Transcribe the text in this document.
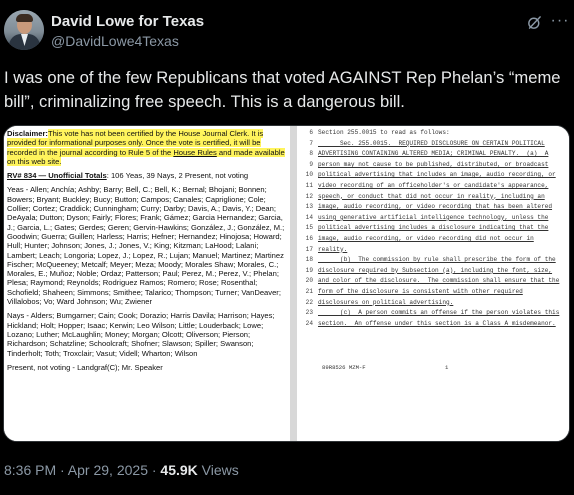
David Lowe for Texas
@DavidLowe4Texas
···
I was one of the few Republicans that voted AGAINST Rep Phelan’s “meme bill”, criminalizing free speech. This is a dangerous bill.

Disclaimer:This vote has not been certified by the House Journal Clerk. It is provided for informational purposes only. Once the vote is certified, it will be recorded in the journal according to Rule 5 of the House Rules and made available on this web site.

RV# 834 — Unofficial Totals: 106 Yeas, 39 Nays, 2 Present, not voting

Yeas - Allen; Anchía; Ashby; Barry; Bell, C.; Bell, K.; Bernal; Bhojani; Bonnen; Bowers; Bryant; Buckley; Bucy; Button; Campos; Canales; Capriglione; Cole; Collier; Cortez; Craddick; Cunningham; Curry; Darby; Davis, A.; Davis, Y.; Dean; DeAyala; Dutton; Dyson; Fairly; Flores; Frank; Gámez; Garcia Hernandez; Garcia, J.; Garcia, L.; Gates; Gerdes; Geren; Gervin-Hawkins; González, J.; González, M.; Goodwin; Guerra; Guillen; Harless; Harris; Hefner; Hernandez; Hinojosa; Howard; Hull; Hunter; Johnson; Jones, J.; Jones, V.; King; Kitzman; LaHood; Lalani; Lambert; Leach; Longoria; Lopez, J.; Lopez, R.; Lujan; Manuel; Martinez; Martinez Fischer; McQueeney; Metcalf; Meyer; Meza; Moody; Morales Shaw; Morales, C.; Morales, E.; Muñoz; Noble; Ordaz; Patterson; Paul; Perez, M.; Perez, V.; Phelan; Plesa; Raymond; Reynolds; Rodriguez Ramos; Romero; Rose; Rosenthal; Schofield; Shaheen; Simmons; Smithee; Talarico; Thompson; Turner; VanDeaver; Villalobos; Vo; Ward Johnson; Wu; Zwiener

Nays - Alders; Bumgarner; Cain; Cook; Dorazio; Harris Davila; Harrison; Hayes; Hickland; Holt; Hopper; Isaac; Kerwin; Leo Wilson; Little; Louderback; Lowe; Lozano; Luther; McLaughlin; Money; Morgan; Olcott; Oliverson; Pierson; Richardson; Schatzline; Schoolcraft; Shofner; Slawson; Spiller; Swanson; Tinderholt; Toth; Troxclair; Vasut; Videll; Wharton; Wilson

Present, not voting - Landgraf(C); Mr. Speaker

6 Section 255.0015 to read as follows:
7 Sec. 255.0015.  REQUIRED DISCLOSURE ON CERTAIN POLITICAL
8 ADVERTISING CONTAINING ALTERED MEDIA; CRIMINAL PENALTY.  (a)  A
9 person may not cause to be published, distributed, or broadcast
10 political advertising that includes an image, audio recording, or
11 video recording of an officeholder's or candidate's appearance,
12 speech, or conduct that did not occur in reality, including an
13 image, audio recording, or video recording that has been altered
14 using generative artificial intelligence technology, unless the
15 political advertising includes a disclosure indicating that the
16 image, audio recording, or video recording did not occur in
17 reality.
18 (b)  The commission by rule shall prescribe the form of the
19 disclosure required by Subsection (a), including the font, size,
20 and color of the disclosure.  The commission shall ensure that the
21 form of the disclosure is consistent with other required
22 disclosures on political advertising.
23 (c)  A person commits an offense if the person violates this
24 section.  An offense under this section is a Class A misdemeanor.
89R8526 MZM-F	1
8:36 PM · Apr 29, 2025 · 45.9K Views
